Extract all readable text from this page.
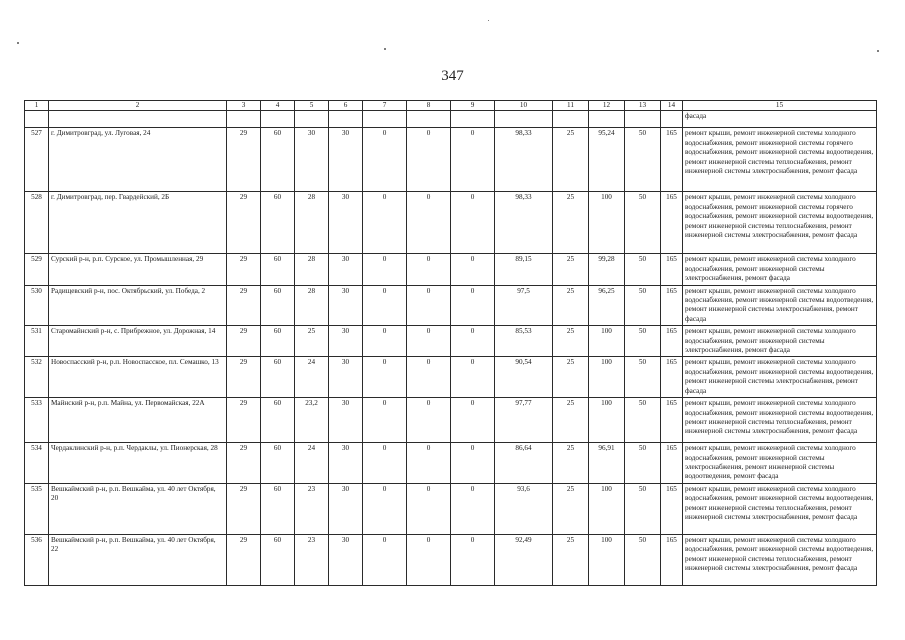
347
1	2	3	4	5	6	7	8	9	10	11	12	13	14	15
														фасада
527	г. Димитровград, ул. Луговая, 24	29	60	30	30	0	0	0	98,33	25	95,24	50	165	ремонт крыши, ремонт инженерной системы холодного водоснабжения, ремонт инженерной системы горячего водоснабжения, ремонт инженерной системы водоотведения, ремонт инженерной системы теплоснабжения, ремонт инженерной системы электроснабжения, ремонт фасада
528	г. Димитровград, пер. Гвардейский, 2Б	29	60	28	30	0	0	0	98,33	25	100	50	165	ремонт крыши, ремонт инженерной системы холодного водоснабжения, ремонт инженерной системы горячего водоснабжения, ремонт инженерной системы водоотведения, ремонт инженерной системы теплоснабжения, ремонт инженерной системы электроснабжения, ремонт фасада
529	Сурский р-н, р.п. Сурское, ул. Промышленная, 29	29	60	28	30	0	0	0	89,15	25	99,28	50	165	ремонт крыши, ремонт инженерной системы холодного водоснабжения, ремонт инженерной системы электроснабжения, ремонт фасада
530	Радищевский р-н, пос. Октябрьский, ул. Победа, 2	29	60	28	30	0	0	0	97,5	25	96,25	50	165	ремонт крыши, ремонт инженерной системы холодного водоснабжения, ремонт инженерной системы водоотведения, ремонт инженерной системы электроснабжения, ремонт фасада
531	Старомайнский р-н, с. Прибрежное, ул. Дорожная, 14	29	60	25	30	0	0	0	85,53	25	100	50	165	ремонт крыши, ремонт инженерной системы холодного водоснабжения, ремонт инженерной системы электроснабжения, ремонт фасада
532	Новоспасский р-н, р.п. Новоспасское, пл. Семашко, 13	29	60	24	30	0	0	0	90,54	25	100	50	165	ремонт крыши, ремонт инженерной системы холодного водоснабжения, ремонт инженерной системы водоотведения, ремонт инженерной системы электроснабжения, ремонт фасада
533	Майнский р-н, р.п. Майна, ул. Первомайская, 22А	29	60	23,2	30	0	0	0	97,77	25	100	50	165	ремонт крыши, ремонт инженерной системы холодного водоснабжения, ремонт инженерной системы водоотведения, ремонт инженерной системы теплоснабжения, ремонт инженерной системы электроснабжения, ремонт фасада
534	Чердаклинский р-н, р.п. Чердаклы, ул. Пионерская, 28	29	60	24	30	0	0	0	86,64	25	96,91	50	165	ремонт крыши, ремонт инженерной системы холодного водоснабжения, ремонт инженерной системы электроснабжения, ремонт инженерной системы водоотведения, ремонт фасада
535	Вешкаймский р-н, р.п. Вешкайма, ул. 40 лет Октября, 20	29	60	23	30	0	0	0	93,6	25	100	50	165	ремонт крыши, ремонт инженерной системы холодного водоснабжения, ремонт инженерной системы водоотведения, ремонт инженерной системы теплоснабжения, ремонт инженерной системы электроснабжения, ремонт фасада
536	Вешкаймский р-н, р.п. Вешкайма, ул. 40 лет Октября, 22	29	60	23	30	0	0	0	92,49	25	100	50	165	ремонт крыши, ремонт инженерной системы холодного водоснабжения, ремонт инженерной системы водоотведения, ремонт инженерной системы теплоснабжения, ремонт инженерной системы электроснабжения, ремонт фасада
